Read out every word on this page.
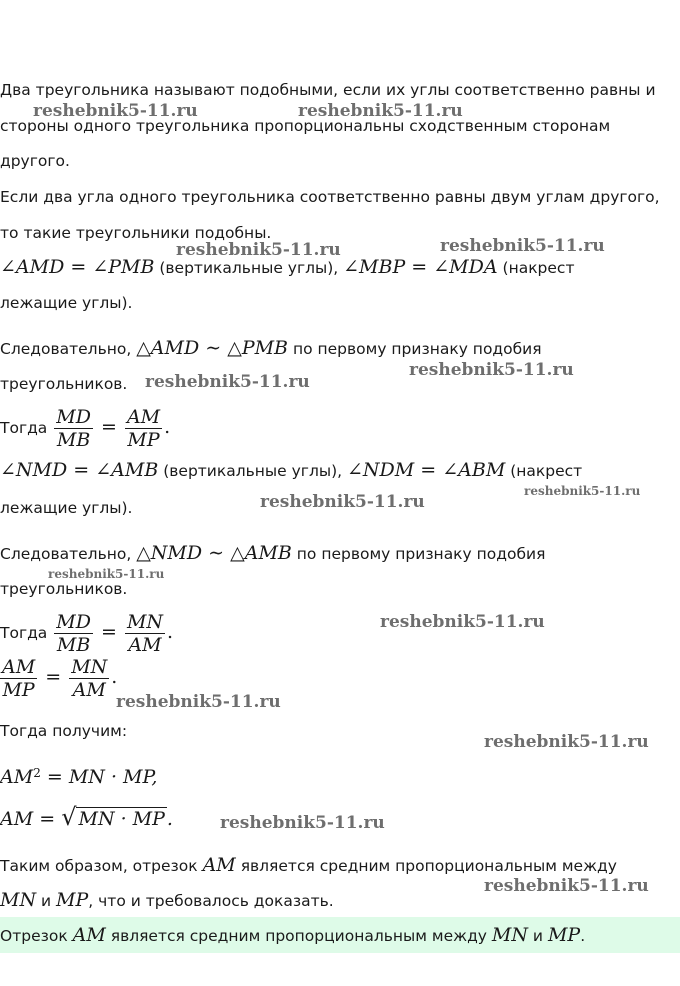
Два треугольника называют подобными, если их углы соответственно равны и
стороны одного треугольника пропорциональны сходственным сторонам
другого.
Если два угла одного треугольника соответственно равны двум углам другого,
то такие треугольники подобны.
∠AMD = ∠PMB (вертикальные углы), ∠MBP = ∠MDA (накрест
лежащие углы).
Следовательно, △AMD ∼ △PMB по первому признаку подобия
треугольников.
Тогда $\frac{MD}{MB} = \frac{AM}{MP}$ .
∠NMD = ∠AMB (вертикальные углы), ∠NDM = ∠ABM (накрест
лежащие углы).
Следовательно, △NMD ∼ △AMB по первому признаку подобия
треугольников.
Тогда $\frac{MD}{MB} = \frac{MN}{AM}$ .
$\frac{AM}{MP} = \frac{MN}{AM}$ .
Тогда получим:
$AM^2$ = MN · MP,
AM = √ MN · MP .
Таким образом, отрезок AM является средним пропорциональным между
MN и MP, что и требовалось доказать.
Отрезок AM является средним пропорциональным между MN и MP.
reshebnik5-11.ru	reshebnik5-11.ru
reshebnik5-11.ru	reshebnik5-11.ru
reshebnik5-11.ru
reshebnik5-11.ru
reshebnik5-11.ru
reshebnik5-11.ru
reshebnik5-11.ru
reshebnik5-11.ru
reshebnik5-11.ru
reshebnik5-11.ru
reshebnik5-11.ru
reshebnik5-11.ru
